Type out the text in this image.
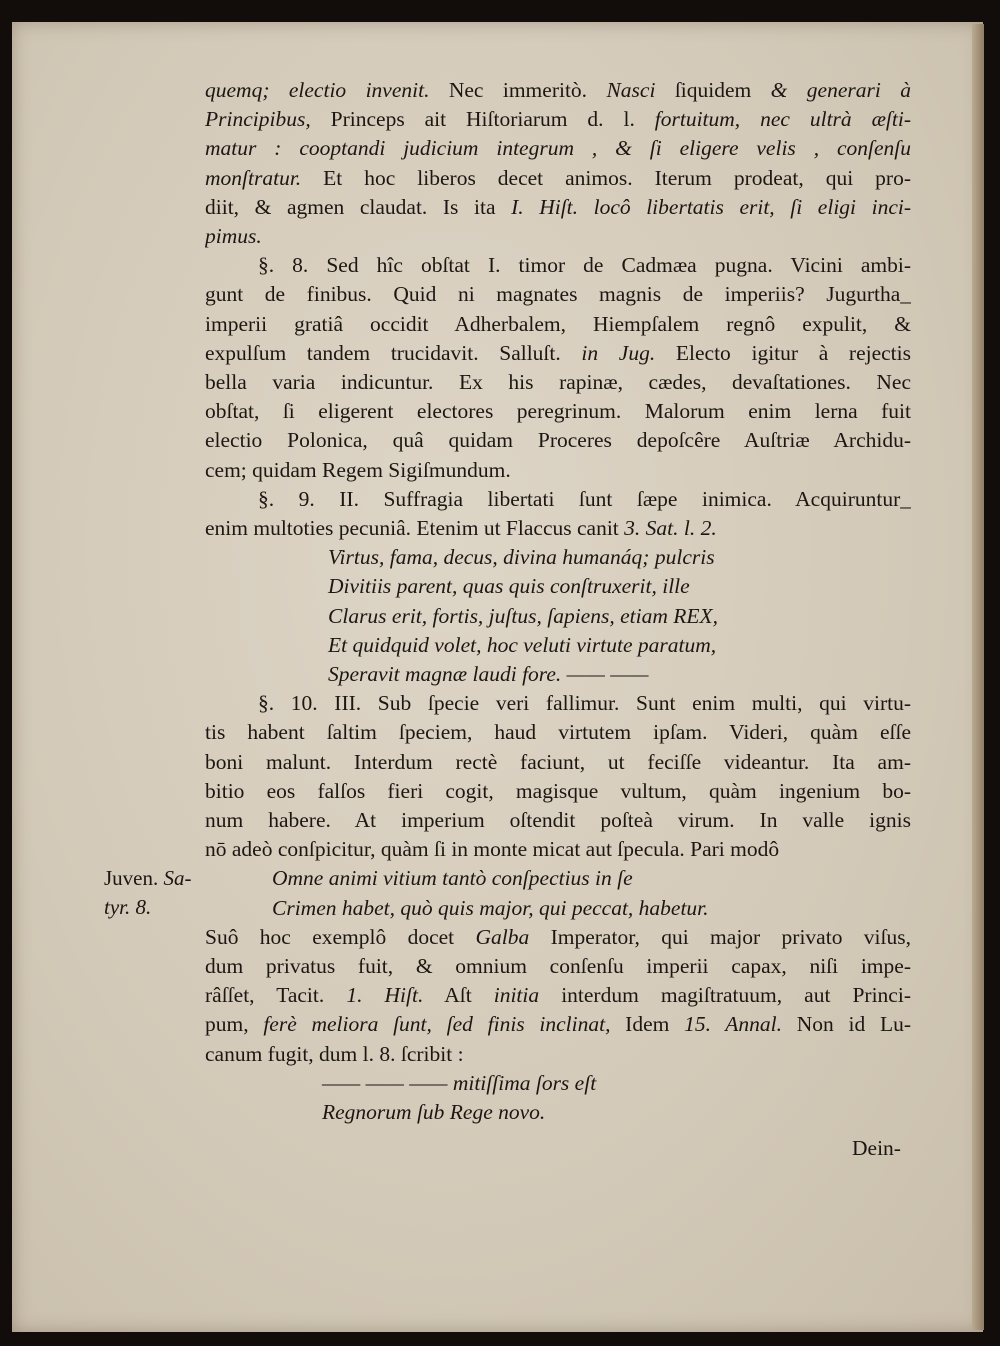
quemq; electio invenit. Nec immeritò. Nasci ſiquidem & generari à
Principibus, Princeps ait Hiſtoriarum d. l. fortuitum, nec ultrà æſti-
matur : cooptandi judicium integrum , & ſi eligere velis , conſenſu
monſtratur. Et hoc liberos decet animos. Iterum prodeat, qui pro-
diit, & agmen claudat. Is ita I. Hiſt. locô libertatis erit, ſi eligi inci-
pimus.
§. 8. Sed hîc obſtat I. timor de Cadmæa pugna. Vicini ambi-
gunt de finibus. Quid ni magnates magnis de imperiis? Jugurtha_
imperii gratiâ occidit Adherbalem, Hiempſalem regnô expulit, &
expulſum tandem trucidavit. Salluſt. in Jug. Electo igitur à rejectis
bella varia indicuntur. Ex his rapinæ, cædes, devaſtationes. Nec
obſtat, ſi eligerent electores peregrinum. Malorum enim lerna fuit
electio Polonica, quâ quidam Proceres depoſcêre Auſtriæ Archidu-
cem; quidam Regem Sigiſmundum.
§. 9. II. Suffragia libertati ſunt ſæpe inimica. Acquiruntur_
enim multoties pecuniâ. Etenim ut Flaccus canit 3. Sat. l. 2.
Virtus, fama, decus, divina humanáq; pulcris
Divitiis parent, quas quis conſtruxerit, ille
Clarus erit, fortis, juſtus, ſapiens, etiam REX,
Et quidquid volet, hoc veluti virtute paratum,
Speravit magnæ laudi fore. —— ——
§. 10. III. Sub ſpecie veri fallimur. Sunt enim multi, qui virtu-
tis habent ſaltim ſpeciem, haud virtutem ipſam. Videri, quàm eſſe
boni malunt. Interdum rectè faciunt, ut feciſſe videantur. Ita am-
bitio eos falſos fieri cogit, magisque vultum, quàm ingenium bo-
num habere. At imperium oſtendit poſteà virum. In valle ignis
nō adeò conſpicitur, quàm ſi in monte micat aut ſpecula. Pari modô
Omne animi vitium tantò conſpectius in ſe
Crimen habet, quò quis major, qui peccat, habetur.
Juven. Sa-
tyr. 8.
Suô hoc exemplô docet Galba Imperator, qui major privato viſus,
dum privatus fuit, & omnium conſenſu imperii capax, niſi impe-
râſſet, Tacit. 1. Hiſt. Aſt initia interdum magiſtratuum, aut Princi-
pum, ferè meliora ſunt, ſed finis inclinat, Idem 15. Annal. Non id Lu-
canum fugit, dum l. 8. ſcribit :
—— —— —— mitiſſima ſors eſt
Regnorum ſub Rege novo.
Dein-
